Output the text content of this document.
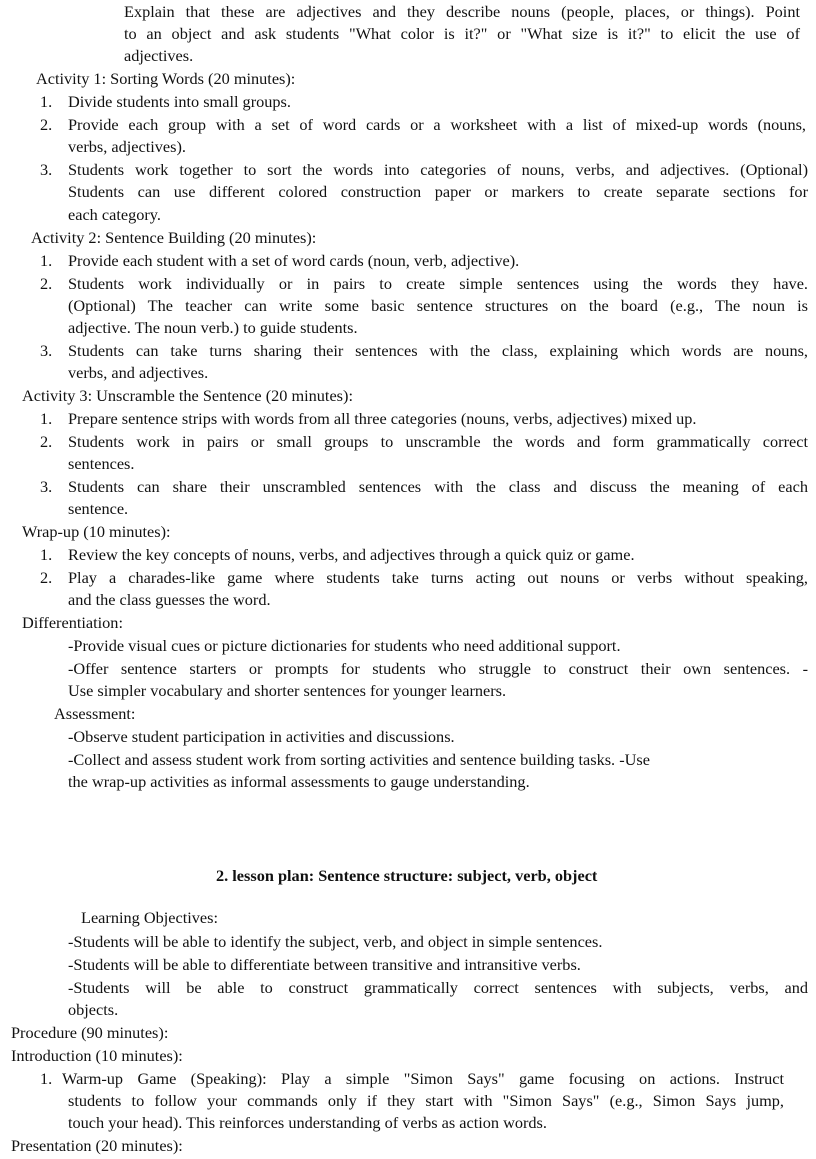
Explain that these are adjectives and they describe nouns (people, places, or things). Point
to an object and ask students "What color is it?" or "What size is it?" to elicit the use of
adjectives.
Activity 1: Sorting Words (20 minutes):
1. Divide students into small groups.
2. Provide each group with a set of word cards or a worksheet with a list of mixed-up words (nouns,
verbs, adjectives).
3. Students work together to sort the words into categories of nouns, verbs, and adjectives. (Optional)
Students can use different colored construction paper or markers to create separate sections for
each category.
Activity 2: Sentence Building (20 minutes):
1. Provide each student with a set of word cards (noun, verb, adjective).
2. Students work individually or in pairs to create simple sentences using the words they have.
(Optional) The teacher can write some basic sentence structures on the board (e.g., The noun is
adjective. The noun verb.) to guide students.
3. Students can take turns sharing their sentences with the class, explaining which words are nouns,
verbs, and adjectives.
Activity 3: Unscramble the Sentence (20 minutes):
1. Prepare sentence strips with words from all three categories (nouns, verbs, adjectives) mixed up.
2. Students work in pairs or small groups to unscramble the words and form grammatically correct
sentences.
3. Students can share their unscrambled sentences with the class and discuss the meaning of each
sentence.
Wrap-up (10 minutes):
1. Review the key concepts of nouns, verbs, and adjectives through a quick quiz or game.
2. Play a charades-like game where students take turns acting out nouns or verbs without speaking,
and the class guesses the word.
Differentiation:
-Provide visual cues or picture dictionaries for students who need additional support.
-Offer sentence starters or prompts for students who struggle to construct their own sentences. -
Use simpler vocabulary and shorter sentences for younger learners.
Assessment:
-Observe student participation in activities and discussions.
-Collect and assess student work from sorting activities and sentence building tasks. -Use
the wrap-up activities as informal assessments to gauge understanding.
2. lesson plan: Sentence structure: subject, verb, object
Learning Objectives:
-Students will be able to identify the subject, verb, and object in simple sentences.
-Students will be able to differentiate between transitive and intransitive verbs.
-Students will be able to construct grammatically correct sentences with subjects, verbs, and
objects.
Procedure (90 minutes):
Introduction (10 minutes):
1. Warm-up Game (Speaking): Play a simple "Simon Says" game focusing on actions. Instruct
students to follow your commands only if they start with "Simon Says" (e.g., Simon Says jump,
touch your head). This reinforces understanding of verbs as action words.
Presentation (20 minutes):
